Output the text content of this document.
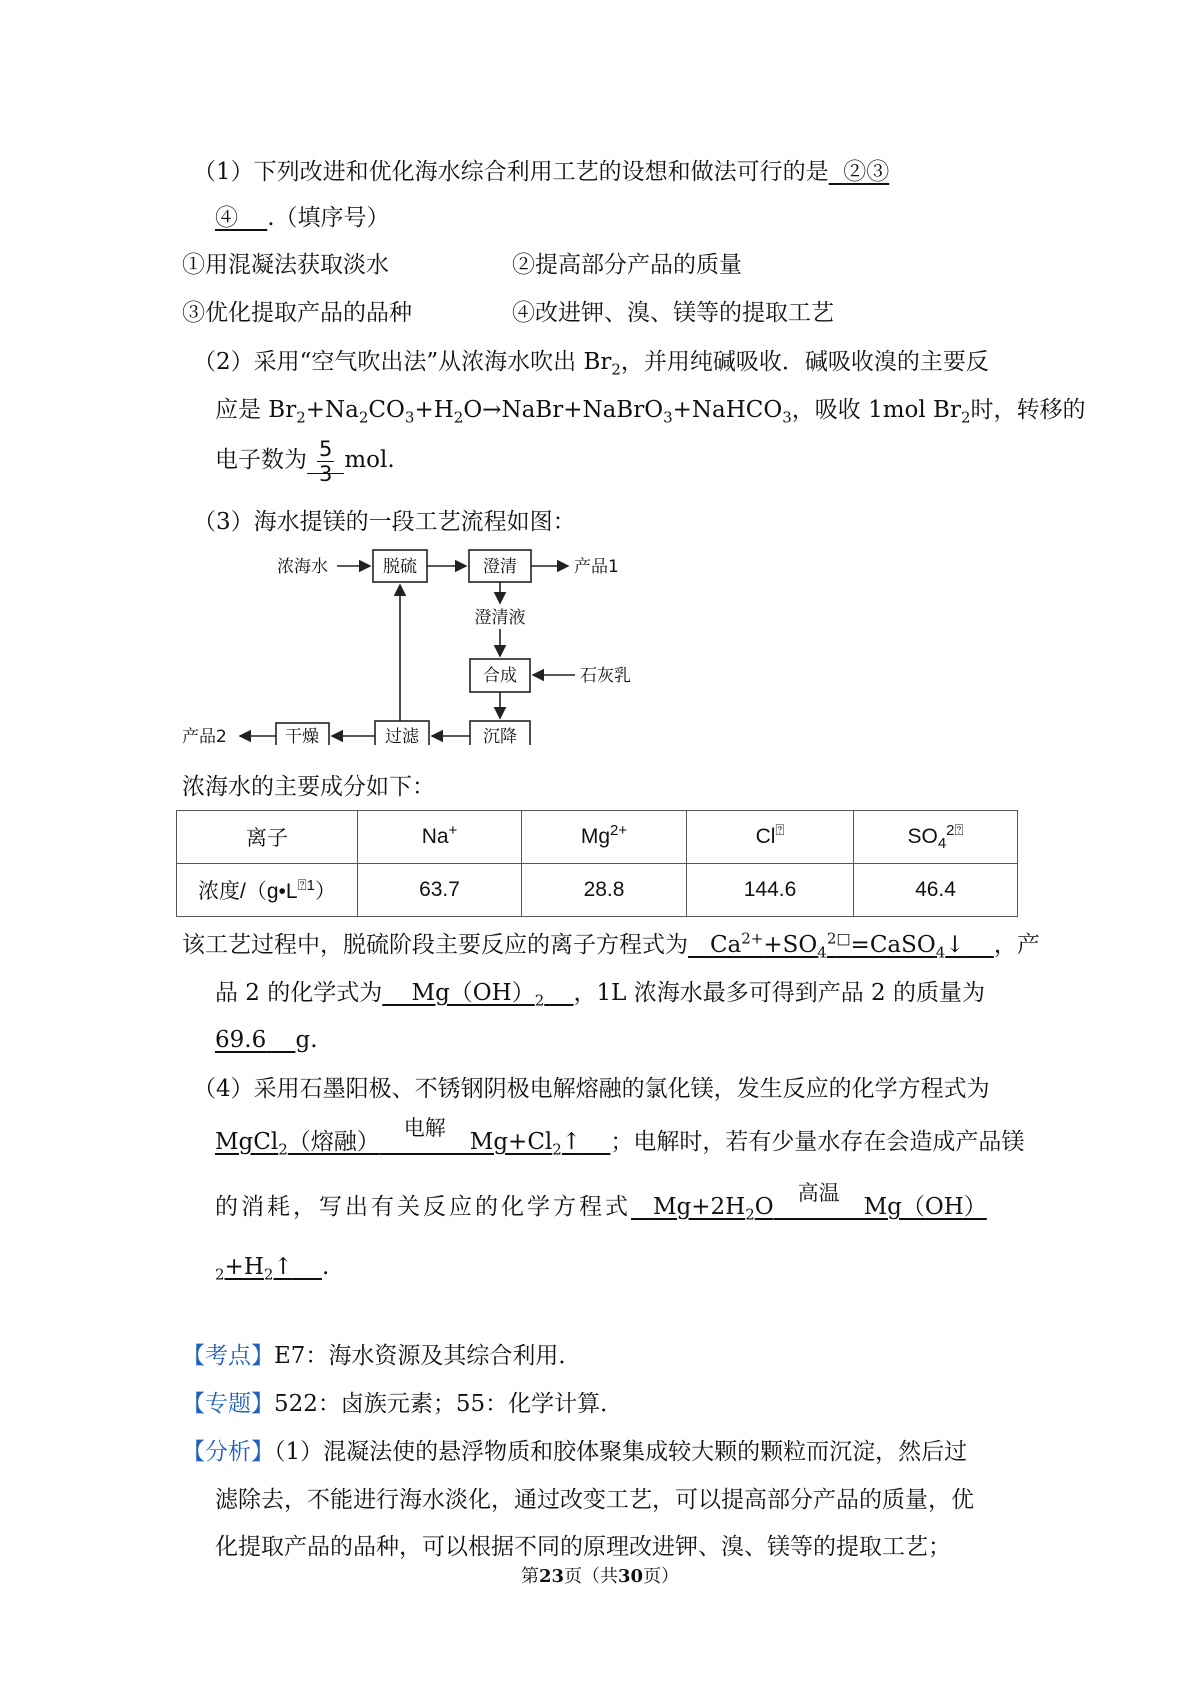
（1）下列改进和优化海水综合利用工艺的设想和做法可行的是 ②③
④ .（填序号）
①用混凝法获取淡水	②提高部分产品的质量
③优化提取产品的品种	④改进钾、溴、镁等的提取工艺
（2）采用“空气吹出法”从浓海水吹出 $Br_2$，并用纯碱吸收．碱吸收溴的主要反
应是 $Br_2+Na_2CO_3+H_2O\to NaBr+NaBrO_3+NaHCO_3$，吸收 1mol $Br_2$时，转移的
电子数为 $\frac{5}{3}$ mol.
（3）海水提镁的一段工艺流程如图：
浓海水	脱硫	澄清	产品1
澄清液
合成	石灰乳
沉降
过滤
干燥
产品2
浓海水的主要成分如下：
离子	Na+	$Mg^{2+}$	Cl⍰	$SO_4^{2⍰}$
浓度$/(g•L^{⍰1})$	63.7	28.8	144.6	46.4
该工艺过程中，脱硫阶段主要反应的离子方程式为 $Ca^{2+}+SO_4^{2□}=CaSO_4↓$ ，产
品 2 的化学式为 $Mg(OH)_2$ ，1L 浓海水最多可得到产品 2 的质量为
69.6 g.
（4）采用石墨阳极、不锈钢阴极电解熔融的氯化镁，发生反应的化学方程式为
MgCl$_2$（熔融）
电解
$Mg+Cl_2↑$ ；电解时，若有少量水存在会造成产品镁
的消耗，写出有关反应的化学方程式 $Mg+2H_2O$
高温
Mg（OH）
$_2+H_2↑$ .
【考点】E7：海水资源及其综合利用．
【专题】522：卤族元素；55：化学计算．
【分析】（1）混凝法使的悬浮物质和胶体聚集成较大颗的颗粒而沉淀，然后过
滤除去，不能进行海水淡化，通过改变工艺，可以提高部分产品的质量，优
化提取产品的品种，可以根据不同的原理改进钾、溴、镁等的提取工艺；
第23页（共30页）
